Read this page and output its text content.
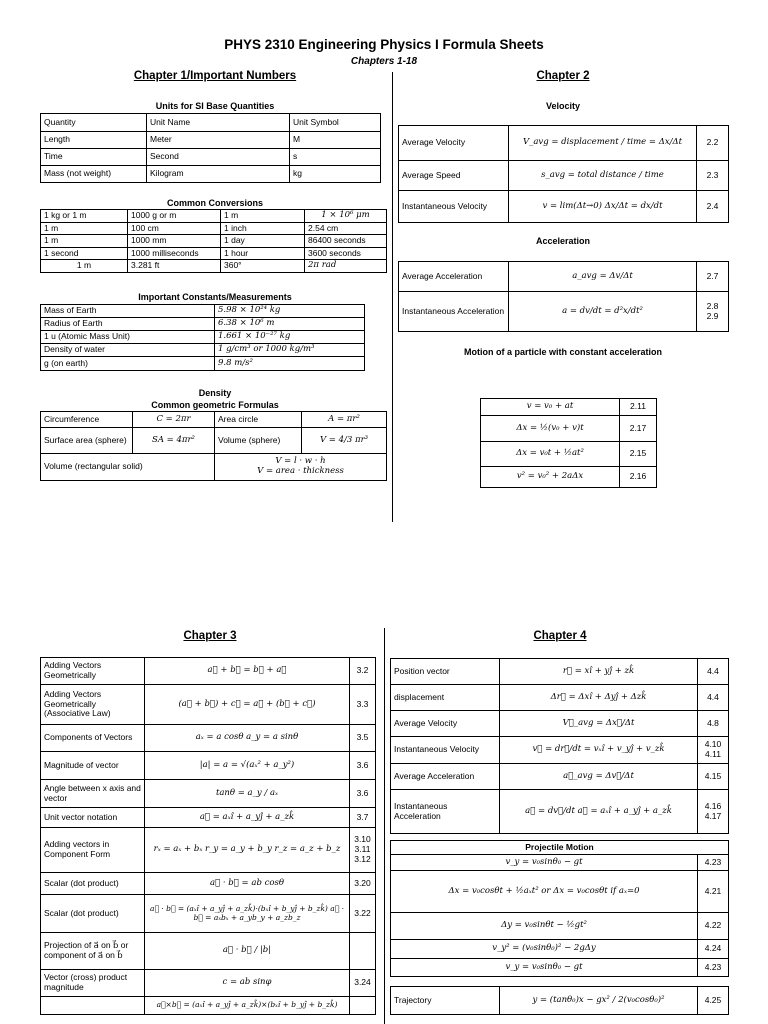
PHYS 2310 Engineering Physics I Formula Sheets
Chapters 1-18
Chapter 1/Important Numbers
Units for SI Base Quantities
Quantity	Unit Name	Unit Symbol
Length	Meter	M
Time	Second	s
Mass (not weight)	Kilogram	kg
Common Conversions
1 kg or 1 m	1000 g or m	1 m	1 × 10⁶ μm
1 m	100 cm	1 inch	2.54 cm
1 m	1000 mm	1 day	86400 seconds
1 second	1000 milliseconds	1 hour	3600 seconds
1 m	3.281 ft	360°	2π rad
Important Constants/Measurements
Mass of Earth	5.98 × 10²⁴ kg
Radius of Earth	6.38 × 10⁶ m
1 u (Atomic Mass Unit)	1.661 × 10⁻²⁷ kg
Density of water	1 g/cm³ or 1000 kg/m³
g (on earth)	9.8 m/s²
Density
Common geometric Formulas
Circumference	C = 2πr	Area circle	A = πr²
Surface area (sphere)	SA = 4πr²	Volume (sphere)	V = 4/3 πr³
Volume (rectangular solid)		V = l · w · h
V = area · thickness	
Chapter 2
Velocity
Average Velocity	V_avg = displacement / time = Δx/Δt	2.2
Average Speed	s_avg = total distance / time	2.3
Instantaneous Velocity	v = lim(Δt→0) Δx/Δt = dx/dt	2.4
Acceleration
Average Acceleration	a_avg = Δv/Δt	2.7
Instantaneous Acceleration	a = dv/dt = d²x/dt²	2.8 2.9
Motion of a particle with constant acceleration
v = v₀ + at	2.11
Δx = ½(v₀ + v)t	2.17
Δx = v₀t + ½at²	2.15
v² = v₀² + 2aΔx	2.16
Chapter 3
Adding Vectors Geometrically	a⃗ + b⃗ = b⃗ + a⃗	3.2
Adding Vectors Geometrically (Associative Law)	(a⃗ + b⃗) + c⃗ = a⃗ + (b⃗ + c⃗)	3.3
Components of Vectors	aₓ = a cosθ a_y = a sinθ	3.5
Magnitude of vector	|a| = a = √(aₓ² + a_y²)	3.6
Angle between x axis and vector	tanθ = a_y / aₓ	3.6
Unit vector notation	a⃗ = aₓî + a_yĵ + a_zk̂	3.7
Adding vectors in Component Form	rₓ = aₓ + bₓ r_y = a_y + b_y r_z = a_z + b_z	3.10 3.11 3.12
Scalar (dot product)	a⃗ · b⃗ = ab cosθ	3.20
Scalar (dot product)	a⃗ · b⃗ = (aₓî + a_yĵ + a_zk̂)·(bₓî + b_yĵ + b_zk̂) a⃗ · b⃗ = aₓbₓ + a_yb_y + a_zb_z	3.22
Projection of a⃗ on b⃗ or component of a⃗ on b⃗	a⃗ · b⃗ / |b|	
Vector (cross) product magnitude	c = ab sinφ	3.24
	a⃗×b⃗ = (aₓî + a_yĵ + a_zk̂)×(bₓî + b_yĵ + b_zk̂)	
Chapter 4
Position vector	r⃗ = xî + yĵ + zk̂	4.4
displacement	Δr⃗ = Δxî + Δyĵ + Δzk̂	4.4
Average Velocity	V⃗_avg = Δx⃗/Δt	4.8
Instantaneous Velocity	v⃗ = dr⃗/dt = vₓî + v_yĵ + v_zk̂	4.10 4.11
Average Acceleration	a⃗_avg = Δv⃗/Δt	4.15
Instantaneous Acceleration	a⃗ = dv⃗/dt a⃗ = aₓî + a_yĵ + a_zk̂	4.16 4.17
Projectile Motion	
v_y = v₀sinθ₀ − gt	4.23
Δx = v₀cosθt + ½aₓt² or Δx = v₀cosθt if aₓ=0	4.21
Δy = v₀sinθt − ½gt²	4.22
v_y² = (v₀sinθ₀)² − 2gΔy	4.24
v_y = v₀sinθ₀ − gt	4.23
Trajectory	y = (tanθ₀)x − gx² / 2(v₀cosθ₀)²	4.25
